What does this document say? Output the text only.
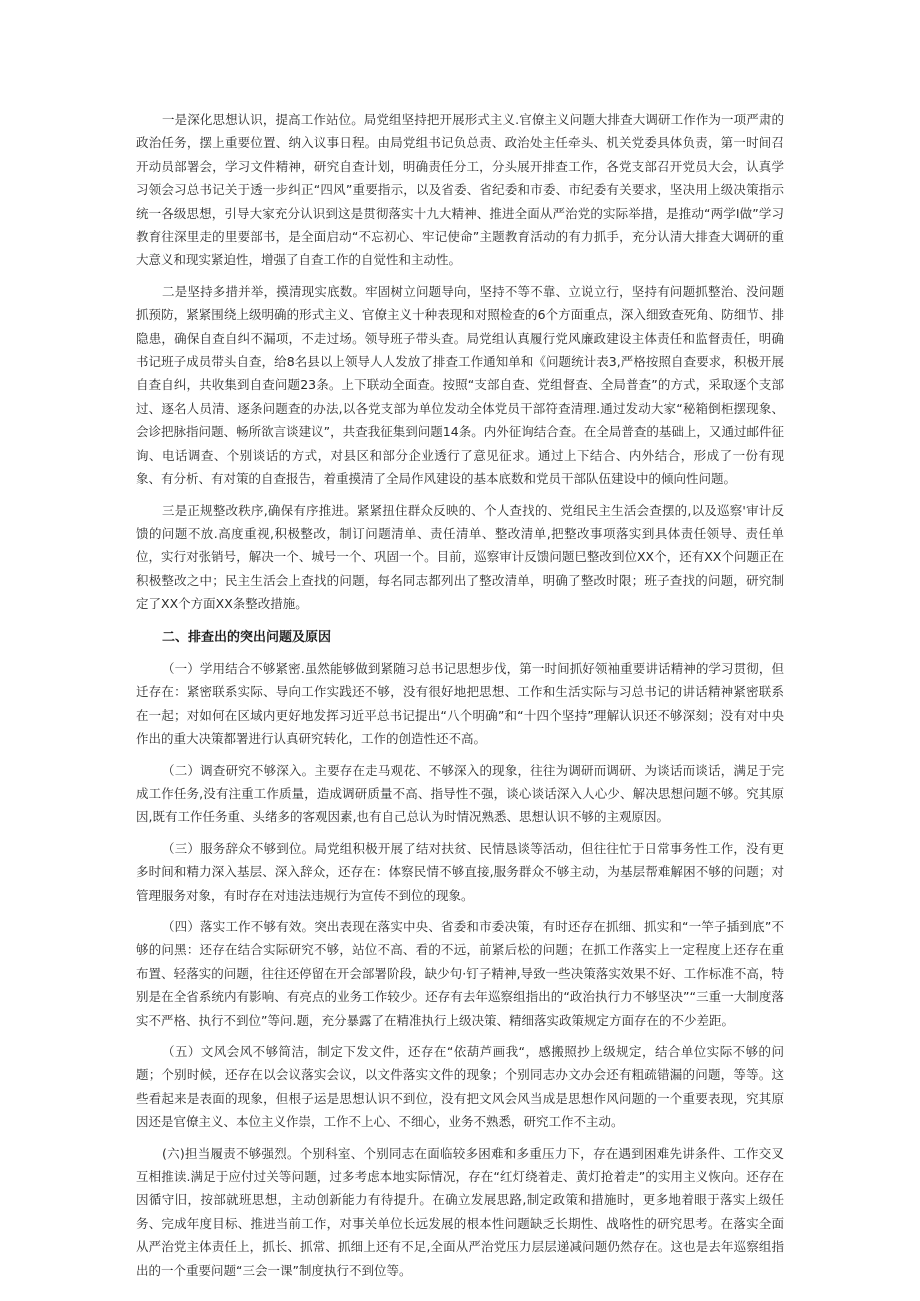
一是深化思想认识，提高工作站位。局党组坚持把开展形式主义.官僚主义问题大排查大调研工作作为一项严肃的政治任务，摆上重要位置、纳入议事日程。由局党组书记负总责、政治处主任牵头、机关党委具体负责，第一时间召开动员部署会，学习文件精神，研究自查计划，明确责任分工，分头展开排查工作，各党支部召开党员大会，认真学习领会习总书记关于透一步纠正“四风”重要指示，以及省委、省纪委和市委、市纪委有关要求，坚决用上级决策指示统一各级思想，引导大家充分认识到这是贯彻落实十九大精神、推进全面从严治党的实际举措，是推动“两学Ⅰ做”学习教育往深里走的里要部书，是全面启动“不忘初心、牢记使命”主题教育活动的有力抓手，充分认清大排查大调研的重大意义和现实紧迫性，增强了自查工作的自觉性和主动性。

二是坚持多措并举，摸清现实底数。牢固树立问题导向，坚持不等不靠、立说立行，坚持有问题抓整治、没问题抓预防，紧紧围绕上级明确的形式主义、官僚主义十种表现和对照检查的6个方面重点，深入细致查死角、防细节、排隐患，确保自查自纠不漏项，不走过场。领导班子带头查。局党组认真履行党风廉政建设主体责任和监督责任，明确书记班子成员带头自查，给8名县以上领导人人发放了排查工作通知单和《问题统计表3,严格按照自查要求，积极开展自查自纠，共收集到自查问题23条。上下联动全面查。按照“支部自查、党组督查、全局普查”的方式，采取逐个支部过、逐名人员清、逐条问题查的办法,以各党支部为单位发动全体党员干部符查清理.通过发动大家“秘箱倒柜摆现象、会诊把脉指问题、畅所欲言谈建议”，共查我征集到问题14条。内外征询结合查。在全局普查的基础上，又通过邮件征询、电话调查、个别谈话的方式，对县区和部分企业透行了意见征求。通过上下结合、内外结合，形成了一份有现象、有分析、有对策的自查报告，着重摸清了全局作风建设的基本底数和党员干部队伍建设中的倾向性问题。

三是正规整改秩序,确保有序推进。紧紧扭住群众反映的、个人查找的、党组民主生活会查摆的,以及巡察'审计反馈的问题不放.高度重视,积极整改，制订问题清单、责任清单、整改清单,把整改事项落实到具体责任领导、责任单位，实行对张销号，解决一个、城号一个、巩固一个。目前，巡察审计反馈问题巳整改到位XX个，还有XX个问题正在积极整改之中；民主生活会上查找的问题，每名同志都列出了整改清单，明确了整改时限；班子查找的问题，研究制定了XX个方面XX条整改措施。

二、排查出的突出问题及原因

（一）学用结合不够紧密.虽然能够做到紧随习总书记思想步伐，第一时间抓好领袖重要讲话精神的学习贯彻，但迁存在：紧密联系实际、导向工作实践还不够，没有很好地把思想、工作和生活实际与习总书记的讲话精神紧密联系在一起；对如何在区域内更好地发挥习近平总书记提出“八个明确”和“十四个坚持”理解认识还不够深刻；没有对中央作出的重大决策都署进行认真研究转化，工作的创造性还不高。

（二）调查研究不够深入。主要存在走马观花、不够深入的现象，往往为调研而调研、为谈话而谈话，满足于完成工作任务,没有注重工作质量，造成调研质量不高、指导性不强，谈心谈话深入人心少、解决思想问题不够。究其原因,既有工作任务重、头绪多的客观因素,也有自己总认为时情况熟悉、思想认识不够的主观原因。

（三）服务辞众不够到位。局党组积极开展了结对扶贫、民情恳谈等活动，但往往忙于日常事务性工作，没有更多时间和精力深入基层、深入辞众，还存在：体察民情不够直接,服务群众不够主动，为基层帮难解困不够的问题；对管理服务对象，有时存在对违法违规行为宣传不到位的现象。

（四）落实工作不够有效。突出表现在落实中央、省委和市委决策，有时还存在抓细、抓实和“一竿子插到底”不够的问黑：还存在结合实际研究不够，站位不高、看的不远，前紧后松的问题；在抓工作落实上一定程度上还存在重布置、轻落实的问题，往往还停留在开会部署阶段，缺少句·钉子精神,导致一些决策落实效果不好、工作标准不高，特别是在全省系统内有影响、有亮点的业务工作较少。还存有去年巡察组指出的“政治执行力不够坚决”“三重一大制度落实不严格、执行不到位”等问.题，充分暴露了在精准执行上级决策、精细落实政策规定方面存在的不少差距。

（五）文风会风不够简洁，制定下发文件，还存在“依葫芦画我“，感搬照抄上级规定，结合单位实际不够的问题；个别时候，还存在以会议落实会议，以文件落实文件的现象；个别同志办文办会还有粗疏错漏的问题，等等。这些看起来是表面的现象，但根子运是思想认识不到位，没有把文风会风当成是思想作风问题的一个重要表现，究其原因还是官僚主义、本位主义作崇，工作不上心、不细心，业务不熟悉，研究工作不主动。

(六)担当履责不够强烈。个别科室、个别同志在面临较多困难和多重压力下，存在遇到困难先讲条件、工作交叉互相推读.满足于应付过关等问题，过多考虑本地实际情况，存在“红灯绕着走、黄灯抢着走”的实用主义恢向。还存在因循守旧，按部就班思想，主动创新能力有待提升。在确立发展思路,制定政策和措施时，更多地着眼于落实上级任务、完成年度目标、推进当前工作，对事关单位长远发展的根本性问题缺乏长期性、战咯性的研究思考。在落实全面从严治党主体责任上，抓长、抓常、抓细上还有不足,全面从严治党压力层层递减问题仍然存在。这也是去年巡察组指出的一个重要问题“三会一课”制度执行不到位等。
